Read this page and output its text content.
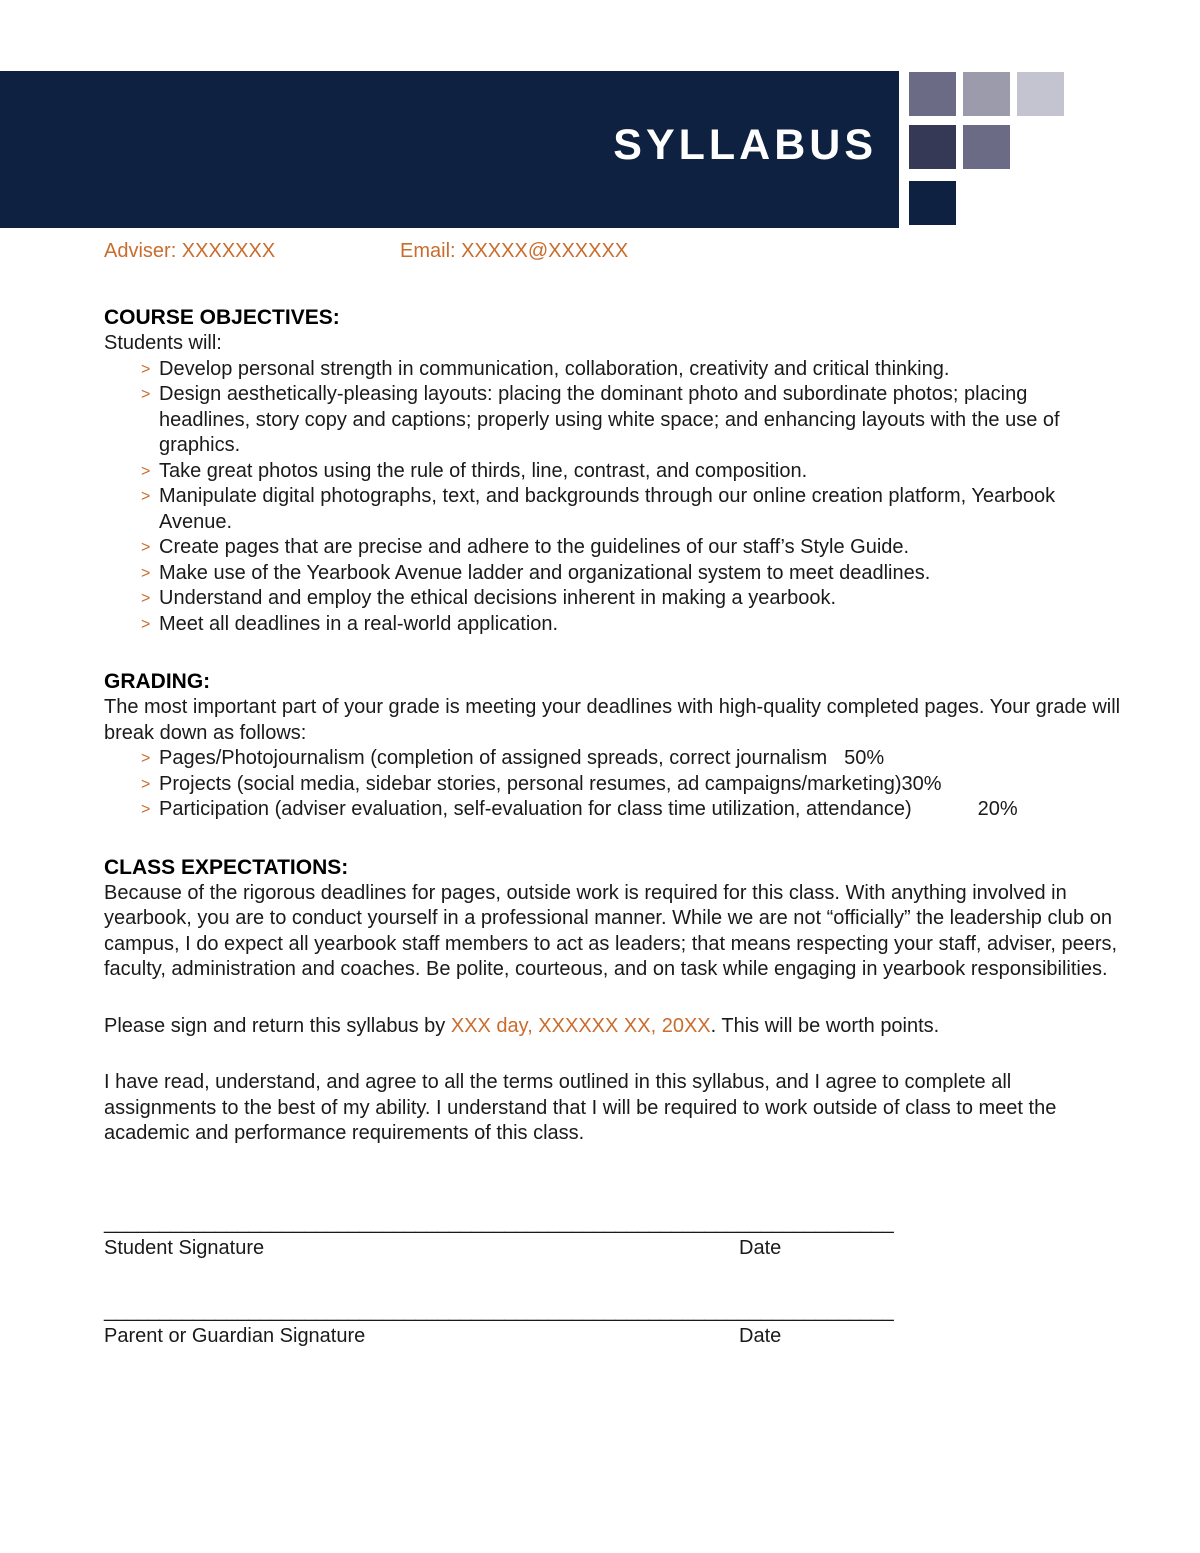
SYLLABUS
Adviser: XXXXXXX	Email: XXXXX@XXXXXX
COURSE OBJECTIVES:

Students will:

> Develop personal strength in communication, collaboration, creativity and critical thinking.
> Design aesthetically-pleasing layouts: placing the dominant photo and subordinate photos; placing headlines, story copy and captions; properly using white space; and enhancing layouts with the use of graphics.
> Take great photos using the rule of thirds, line, contrast, and composition.
> Manipulate digital photographs, text, and backgrounds through our online creation platform, Yearbook Avenue.
> Create pages that are precise and adhere to the guidelines of our staff’s Style Guide.
> Make use of the Yearbook Avenue ladder and organizational system to meet deadlines.
> Understand and employ the ethical decisions inherent in making a yearbook.
> Meet all deadlines in a real-world application.
GRADING:

The most important part of your grade is meeting your deadlines with high-quality completed pages. Your grade will break down as follows:

> Pages/Photojournalism (completion of assigned spreads, correct journalism 50%
> Projects (social media, sidebar stories, personal resumes, ad campaigns/marketing)30%
> Participation (adviser evaluation, self-evaluation for class time utilization, attendance)	20%
CLASS EXPECTATIONS:

Because of the rigorous deadlines for pages, outside work is required for this class. With anything involved in yearbook, you are to conduct yourself in a professional manner. While we are not “officially” the leadership club on campus, I do expect all yearbook staff members to act as leaders; that means respecting your staff, adviser, peers, faculty, administration and coaches. Be polite, courteous, and on task while engaging in yearbook responsibilities.

Please sign and return this syllabus by XXX day, XXXXXX XX, 20XX. This will be worth points.

I have read, understand, and agree to all the terms outlined in this syllabus, and I agree to complete all assignments to the best of my ability. I understand that I will be required to work outside of class to meet the academic and performance requirements of this class.

_______________________________________________________________________
Student Signature	Date
_______________________________________________________________________
Parent or Guardian Signature	Date
